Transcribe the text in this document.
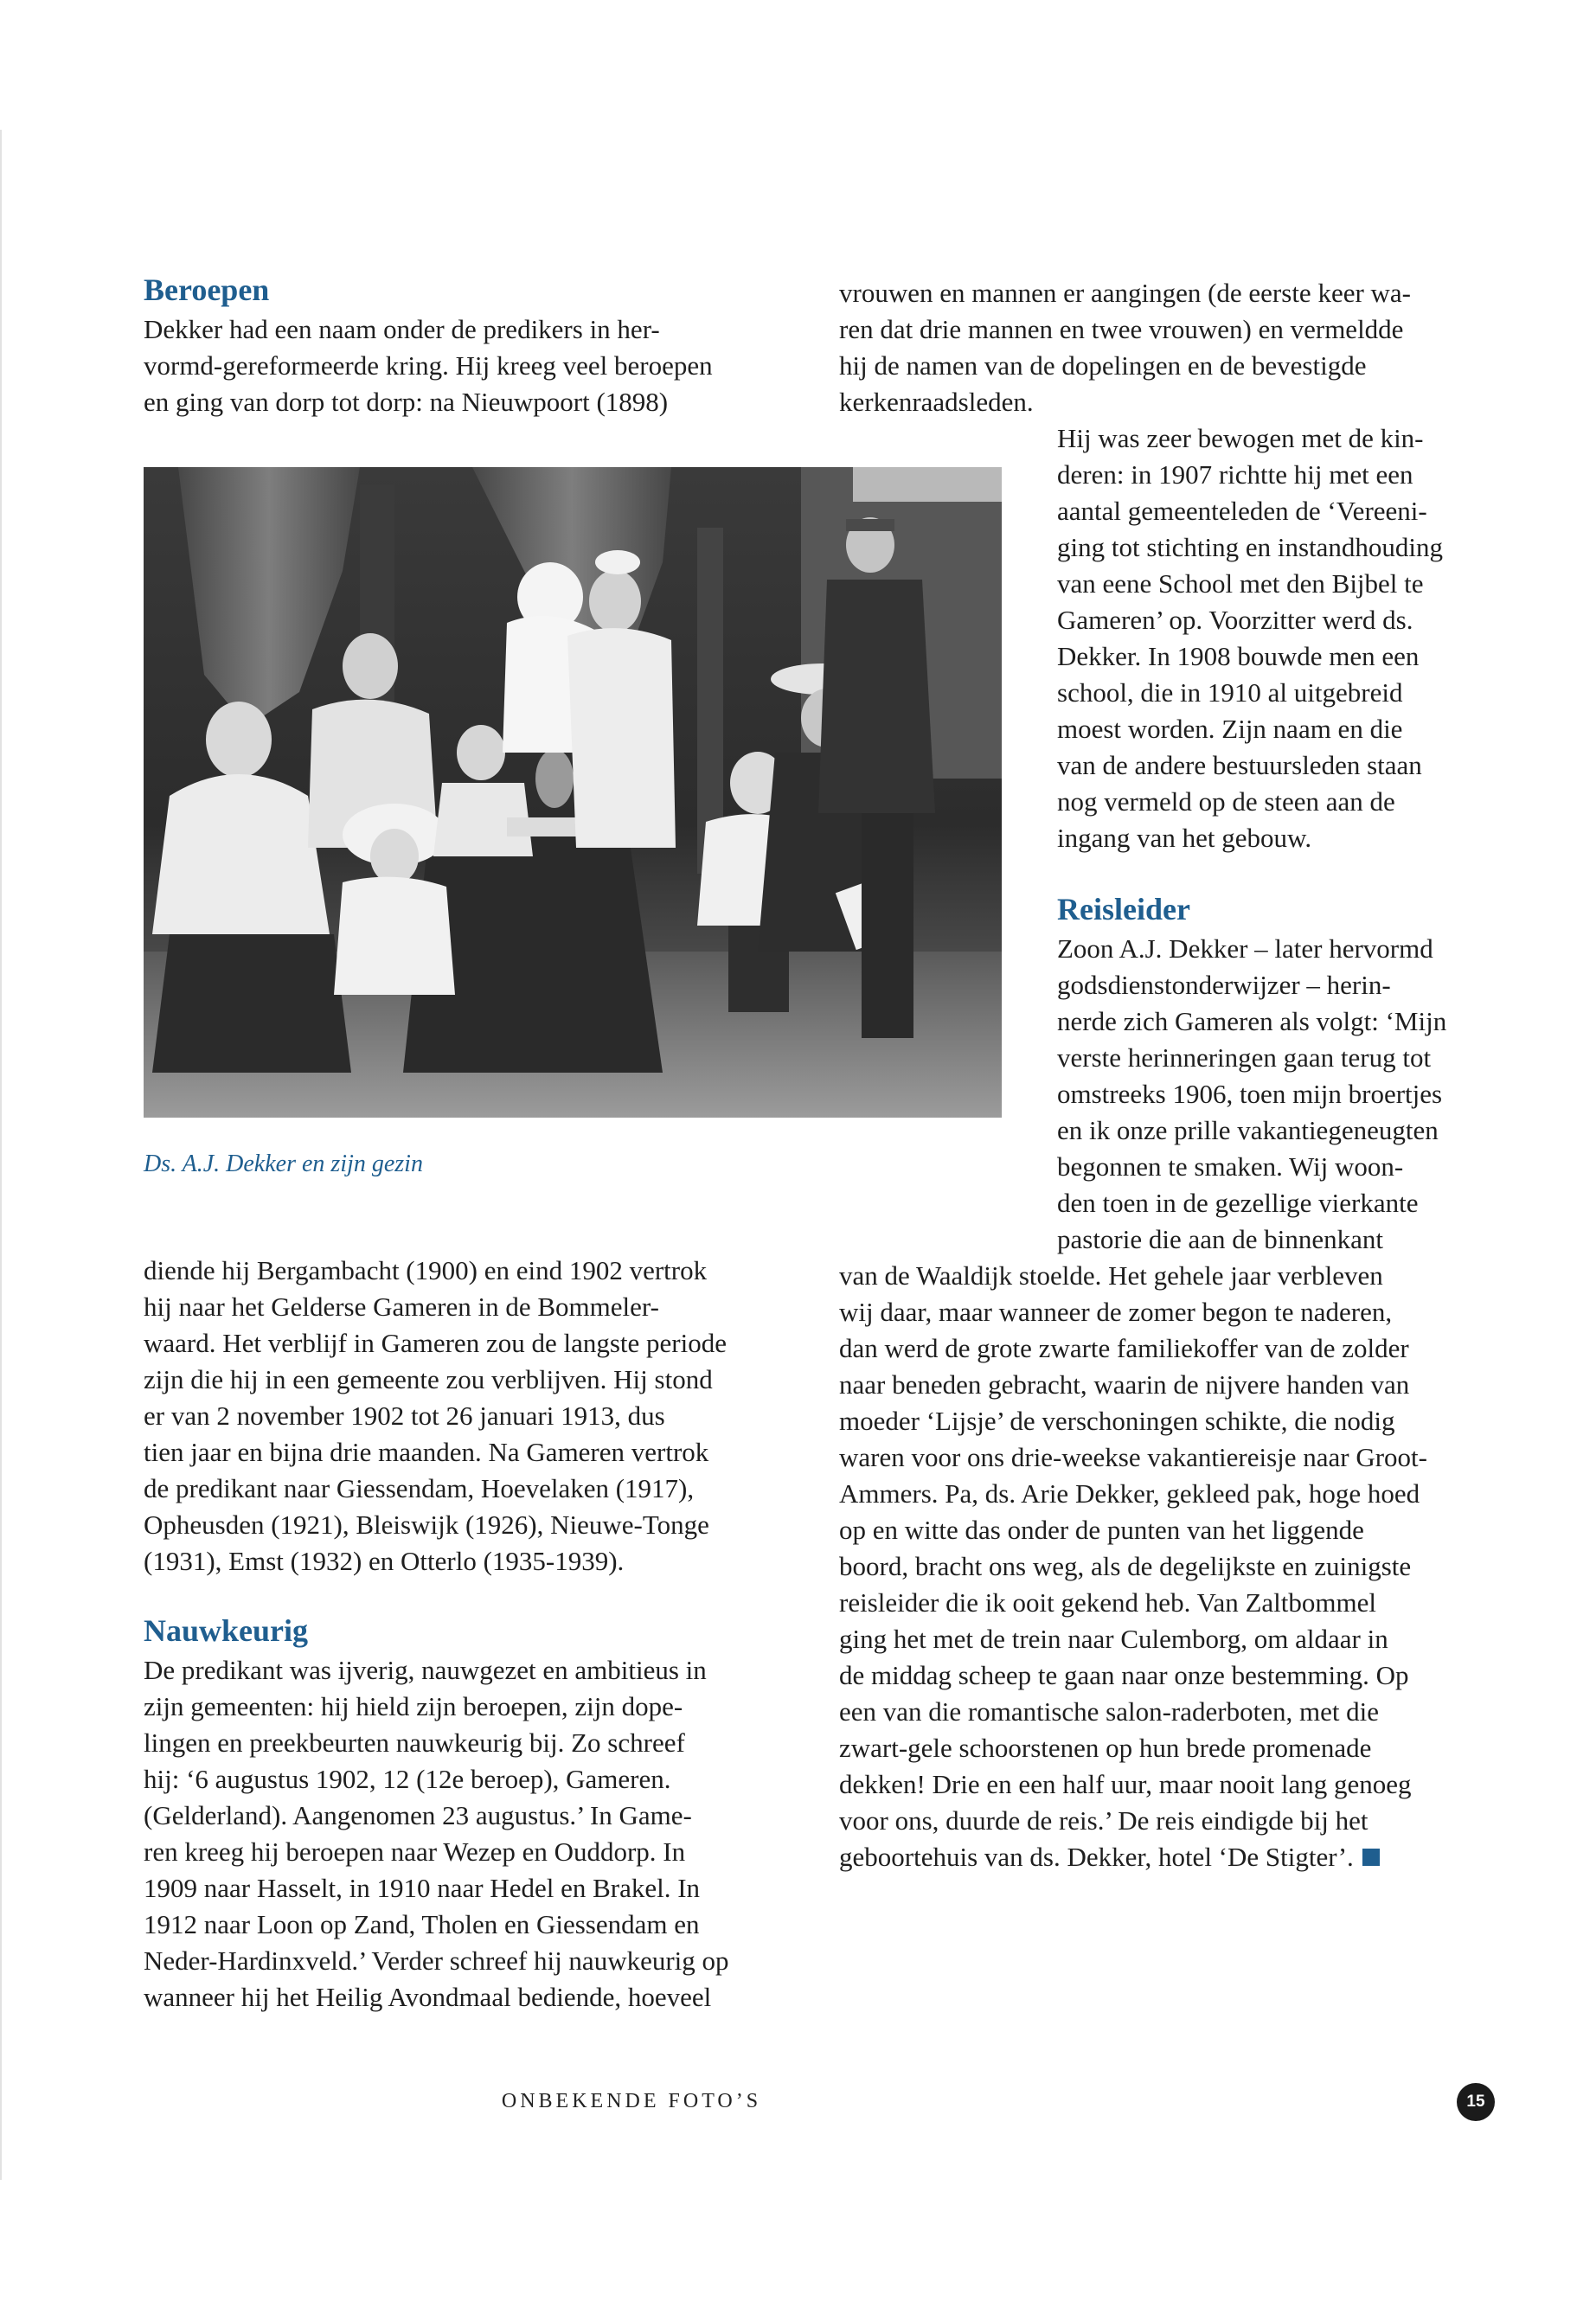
Beroepen
Dekker had een naam onder de predikers in her-
vormd-gereformeerde kring. Hij kreeg veel beroepen
en ging van dorp tot dorp: na Nieuwpoort (1898)
Ds. A.J. Dekker en zijn gezin
diende hij Bergambacht (1900) en eind 1902 vertrok
hij naar het Gelderse Gameren in de Bommeler-
waard. Het verblijf in Gameren zou de langste periode
zijn die hij in een gemeente zou verblijven. Hij stond
er van 2 november 1902 tot 26 januari 1913, dus
tien jaar en bijna drie maanden. Na Gameren vertrok
de predikant naar Giessendam, Hoevelaken (1917),
Opheusden (1921), Bleiswijk (1926), Nieuwe-Tonge
(1931), Emst (1932) en Otterlo (1935-1939).
Nauwkeurig
De predikant was ijverig, nauwgezet en ambitieus in
zijn gemeenten: hij hield zijn beroepen, zijn dope-
lingen en preekbeurten nauwkeurig bij. Zo schreef
hij: ‘6 augustus 1902, 12 (12e beroep), Gameren.
(Gelderland). Aangenomen 23 augustus.’ In Game-
ren kreeg hij beroepen naar Wezep en Ouddorp. In
1909 naar Hasselt, in 1910 naar Hedel en Brakel. In
1912 naar Loon op Zand, Tholen en Giessendam en
Neder-Hardinxveld.’ Verder schreef hij nauwkeurig op
wanneer hij het Heilig Avondmaal bediende, hoeveel
vrouwen en mannen er aangingen (de eerste keer wa-
ren dat drie mannen en twee vrouwen) en vermeldde
hij de namen van de dopelingen en de bevestigde
kerkenraadsleden.
Hij was zeer bewogen met de kin-
deren: in 1907 richtte hij met een
aantal gemeenteleden de ‘Vereeni-
ging tot stichting en instandhouding
van eene School met den Bijbel te
Gameren’ op. Voorzitter werd ds.
Dekker. In 1908 bouwde men een
school, die in 1910 al uitgebreid
moest worden. Zijn naam en die
van de andere bestuursleden staan
nog vermeld op de steen aan de
ingang van het gebouw.
Reisleider
Zoon A.J. Dekker – later hervormd
godsdienstonderwijzer – herin-
nerde zich Gameren als volgt: ‘Mijn
verste herinneringen gaan terug tot
omstreeks 1906, toen mijn broertjes
en ik onze prille vakantiegeneugten
begonnen te smaken. Wij woon-
den toen in de gezellige vierkante
pastorie die aan de binnenkant
van de Waaldijk stoelde. Het gehele jaar verbleven
wij daar, maar wanneer de zomer begon te naderen,
dan werd de grote zwarte familiekoffer van de zolder
naar beneden gebracht, waarin de nijvere handen van
moeder ‘Lijsje’ de verschoningen schikte, die nodig
waren voor ons drie-weekse vakantiereisje naar Groot-
Ammers. Pa, ds. Arie Dekker, gekleed pak, hoge hoed
op en witte das onder de punten van het liggende
boord, bracht ons weg, als de degelijkste en zuinigste
reisleider die ik ooit gekend heb. Van Zaltbommel
ging het met de trein naar Culemborg, om aldaar in
de middag scheep te gaan naar onze bestemming. Op
een van die romantische salon-raderboten, met die
zwart-gele schoorstenen op hun brede promenade
dekken! Drie en een half uur, maar nooit lang genoeg
voor ons, duurde de reis.’ De reis eindigde bij het
geboortehuis van ds. Dekker, hotel ‘De Stigter’.
ONBEKENDE FOTO’S	15
